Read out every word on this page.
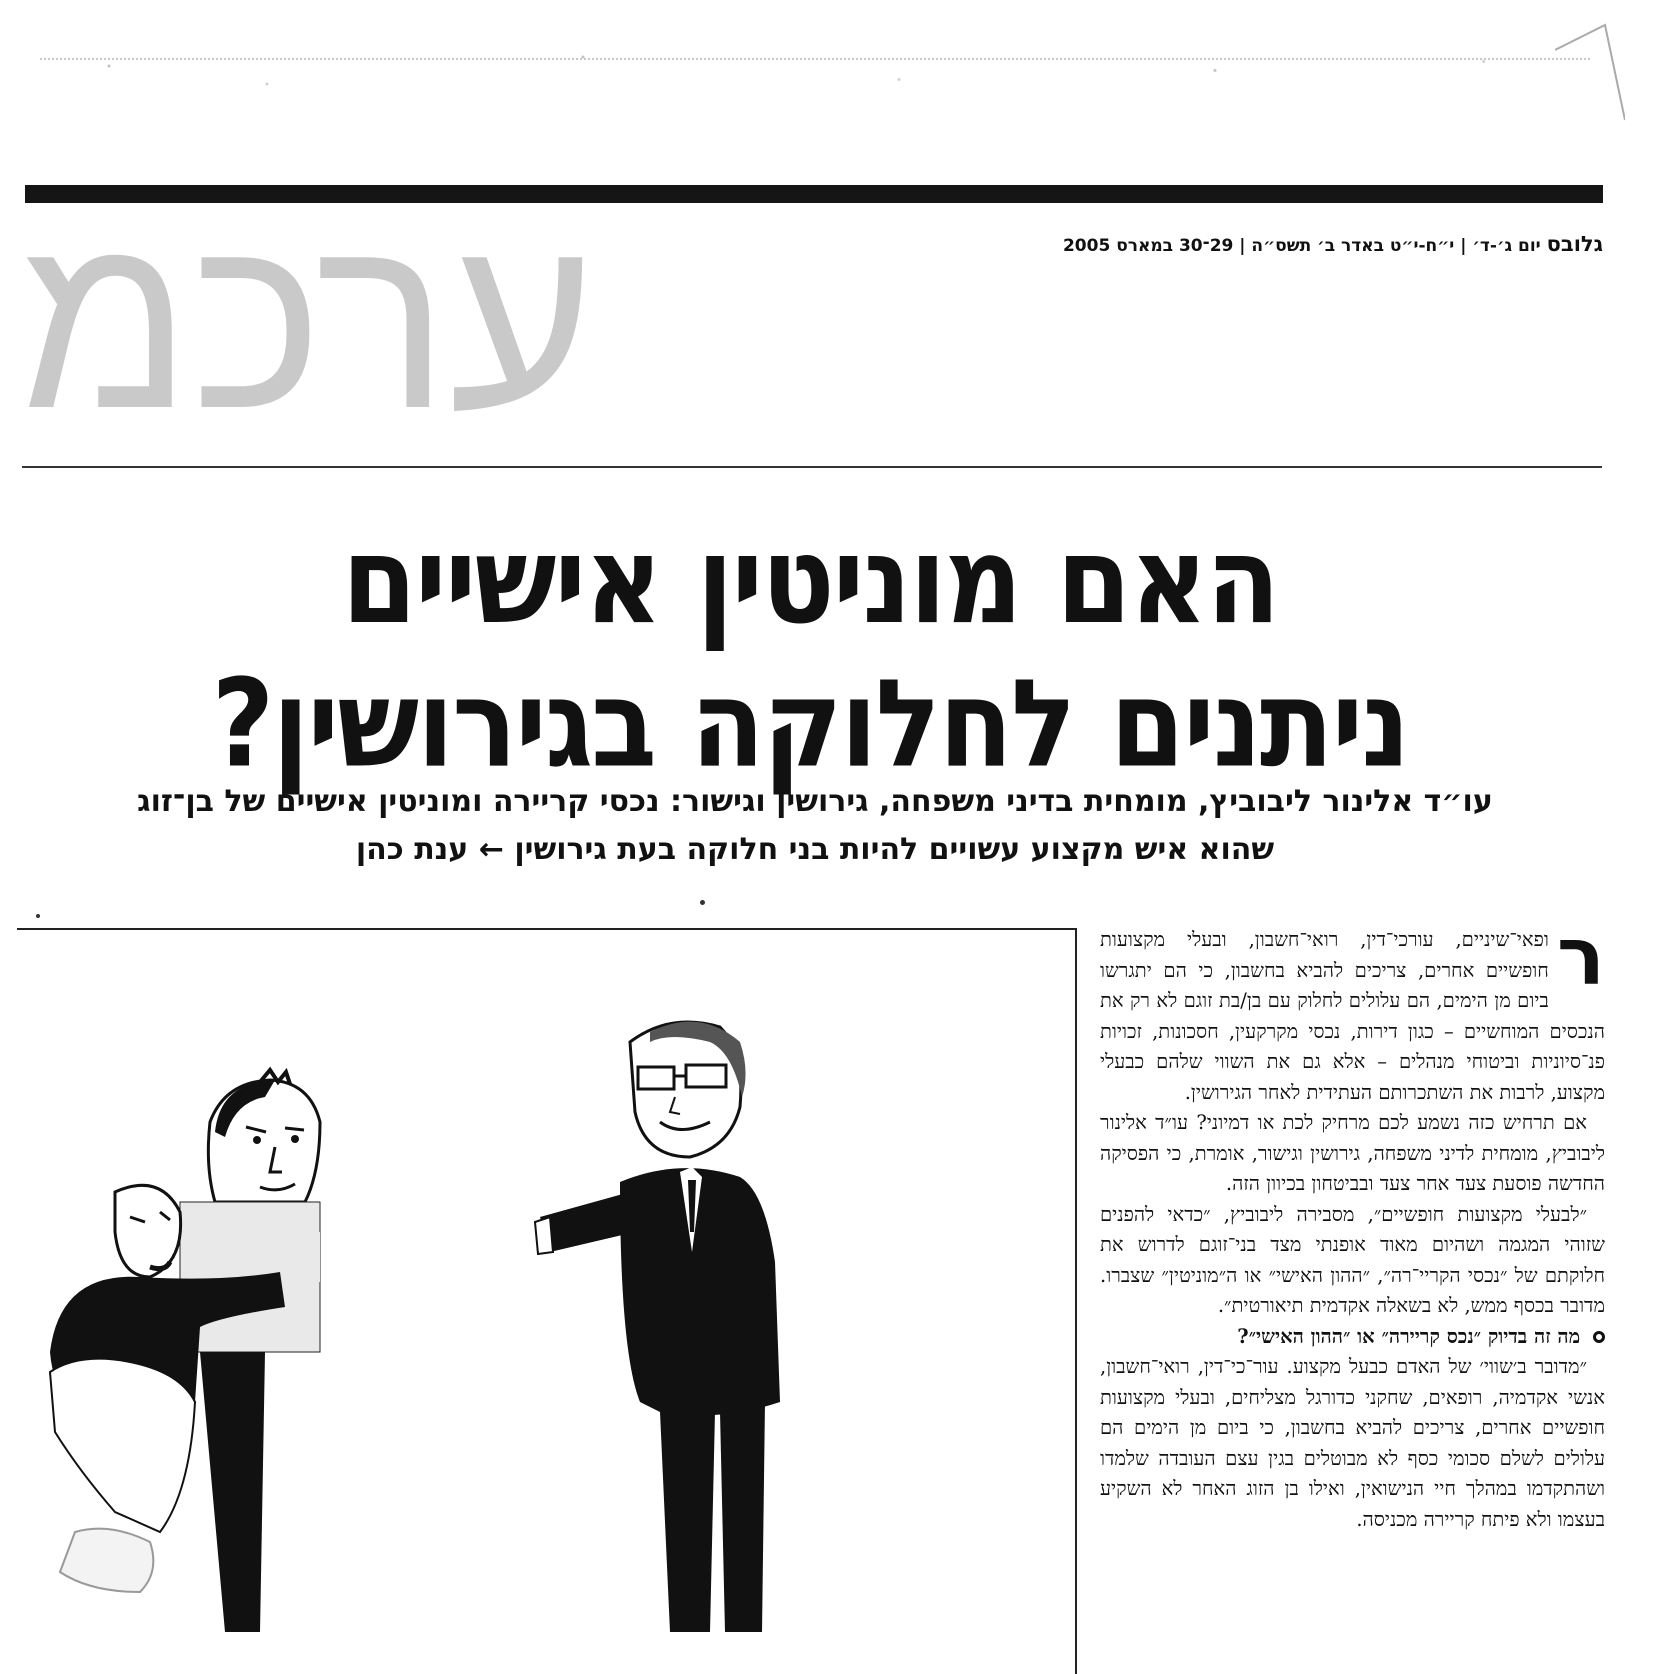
ערכמ	גלובס יום ג׳-ד׳ | י״ח-י״ט באדר ב׳ תשס״ה | 29־30 במארס 2005
האם מוניטין אישיים
ניתנים לחלוקה בגירושין?
עו״ד אלינור ליבוביץ, מומחית בדיני משפחה, גירושין וגישור: נכסי קריירה ומוניטין אישיים של בן־זוג שהוא איש מקצוע עשויים להיות בני חלוקה בעת גירושין ← ענת כהן

ר
ופאי־שיניים, עורכי־דין, רואי־חשבון, ובעלי מקצועות חופשיים אחרים, צריכים להביא בחשבון, כי הם יתגרשו ביום מן הימים, הם עלולים לחלוק עם בן/בת זוגם לא רק את הנכסים המוחשיים – כגון דירות, נכסי מקרקעין, חסכונות, זכויות פנ־סיוניות וביטוחי מנהלים – אלא גם את השווי שלהם כבעלי מקצוע, לרבות את השתכרותם העתידית לאחר הגירושין.

אם תרחיש כזה נשמע לכם מרחיק לכת או דמיוני? עו״ד אלינור ליבוביץ, מומחית לדיני משפחה, גירושין וגישור, אומרת, כי הפסיקה החדשה פוסעת צעד אחר צעד ובביטחון בכיוון הזה.

״לבעלי מקצועות חופשיים״, מסבירה ליבוביץ, ״כדאי להפנים שזוהי המגמה ושהיום מאוד אופנתי מצד בני־זוגם לדרוש את חלוקתם של ״נכסי הקריי־רה״, ״ההון האישי״ או ה״מוניטין״ שצברו. מדובר בכסף ממש, לא בשאלה אקדמית תיאורטית״.

מה זה בדיוק ״נכס קריירה״ או ״ההון האישי״?

״מדובר ב׳שווי׳ של האדם כבעל מקצוע. עור־כי־דין, רואי־חשבון, אנשי אקדמיה, רופאים, שחקני כדורגל מצליחים, ובעלי מקצועות חופשיים אחרים, צריכים להביא בחשבון, כי ביום מן הימים הם עלולים לשלם סכומי כסף לא מבוטלים בגין עצם העובדה שלמדו ושהתקדמו במהלך חיי הנישואין, ואילו בן הזוג האחר לא השקיע בעצמו ולא פיתח קריירה מכניסה.
